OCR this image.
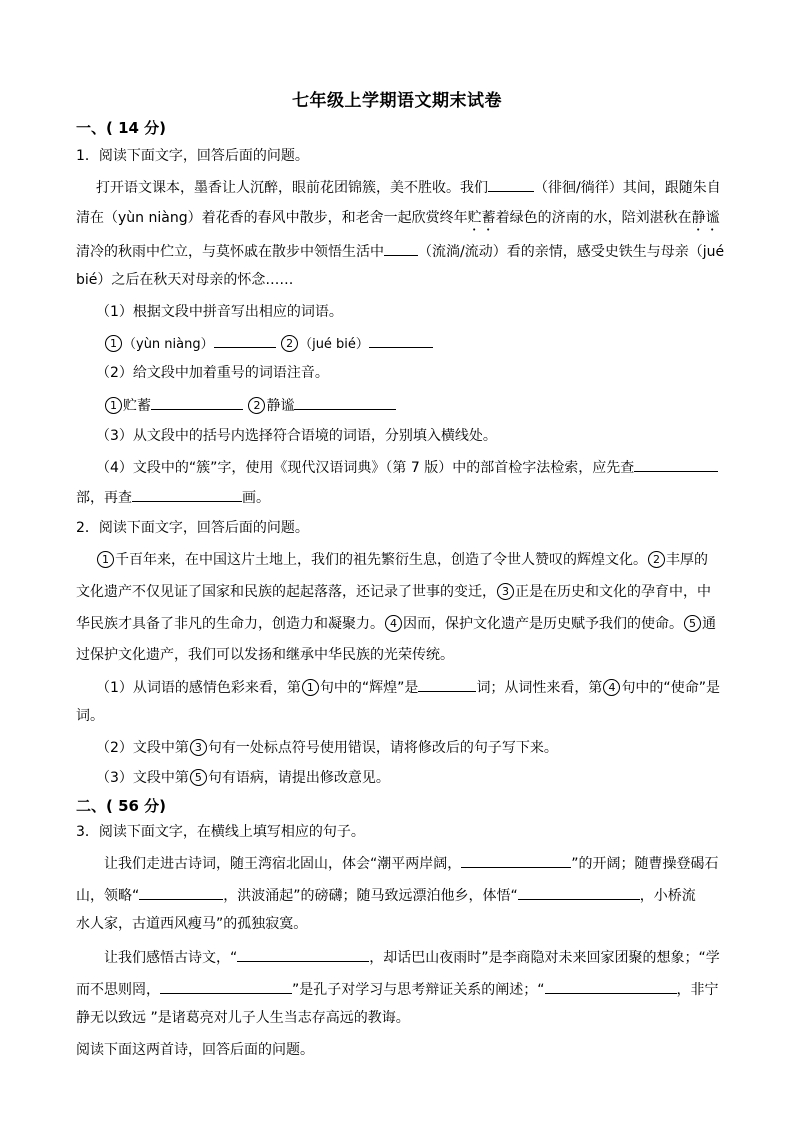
七年级上学期语文期末试卷
一、( 14 分)
1．阅读下面文字，回答后面的问题。
打开语文课本，墨香让人沉醉，眼前花团锦簇，美不胜收。我们	（徘徊/徜徉）其间，跟随朱自
清在（yùn niàng）着花香的春风中散步，和老舍一起欣赏终年贮蓄着绿色的济南的水，陪刘湛秋在静谧
清冷的秋雨中伫立，与莫怀戚在散步中领悟生活中 （流淌/流动）看的亲情，感受史铁生与母亲（jué
bié）之后在秋天对母亲的怀念……
（1）根据文段中拼音写出相应的词语。
1 （yùn niàng）	2 （jué bié）
（2）给文段中加着重号的词语注音。
1 贮蓄	2 静谧
（3）从文段中的括号内选择符合语境的词语，分别填入横线处。
（4）文段中的“簇”字，使用《现代汉语词典》（第 7 版）中的部首检字法检索，应先查
部，再查	画。
2．阅读下面文字，回答后面的问题。
1 千百年来，在中国这片土地上，我们的祖先繁衍生息，创造了令世人赞叹的辉煌文化。 2 丰厚的
文化遗产不仅见证了国家和民族的起起落落，还记录了世事的变迁， 3 正是在历史和文化的孕育中，中
华民族才具备了非凡的生命力，创造力和凝聚力。 4 因而，保护文化遗产是历史赋予我们的使命。 5 通
过保护文化遗产，我们可以发扬和继承中华民族的光荣传统。
（1）从词语的感情色彩来看，第 1 句中的“辉煌”是	词；从词性来看，第 4 句中的“使命”是
词。
（2）文段中第 3 句有一处标点符号使用错误，请将修改后的句子写下来。
（3）文段中第 5 句有语病，请提出修改意见。
二、( 56 分)
3．阅读下面文字，在横线上填写相应的句子。
让我们走进古诗词，随王湾宿北固山，体会“潮平两岸阔，	”的开阔；随曹操登碣石
山，领略“	，洪波涌起”的磅礴；随马致远漂泊他乡，体悟“	，小桥流
水人家，古道西风瘦马”的孤独寂寞。
让我们感悟古诗文，“	，却话巴山夜雨时”是李商隐对未来回家团聚的想象；“学
而不思则罔，	”是孔子对学习与思考辩证关系的阐述；“	，非宁
静无以致远 ”是诸葛亮对儿子人生当志存高远的教诲。
阅读下面这两首诗，回答后面的问题。
